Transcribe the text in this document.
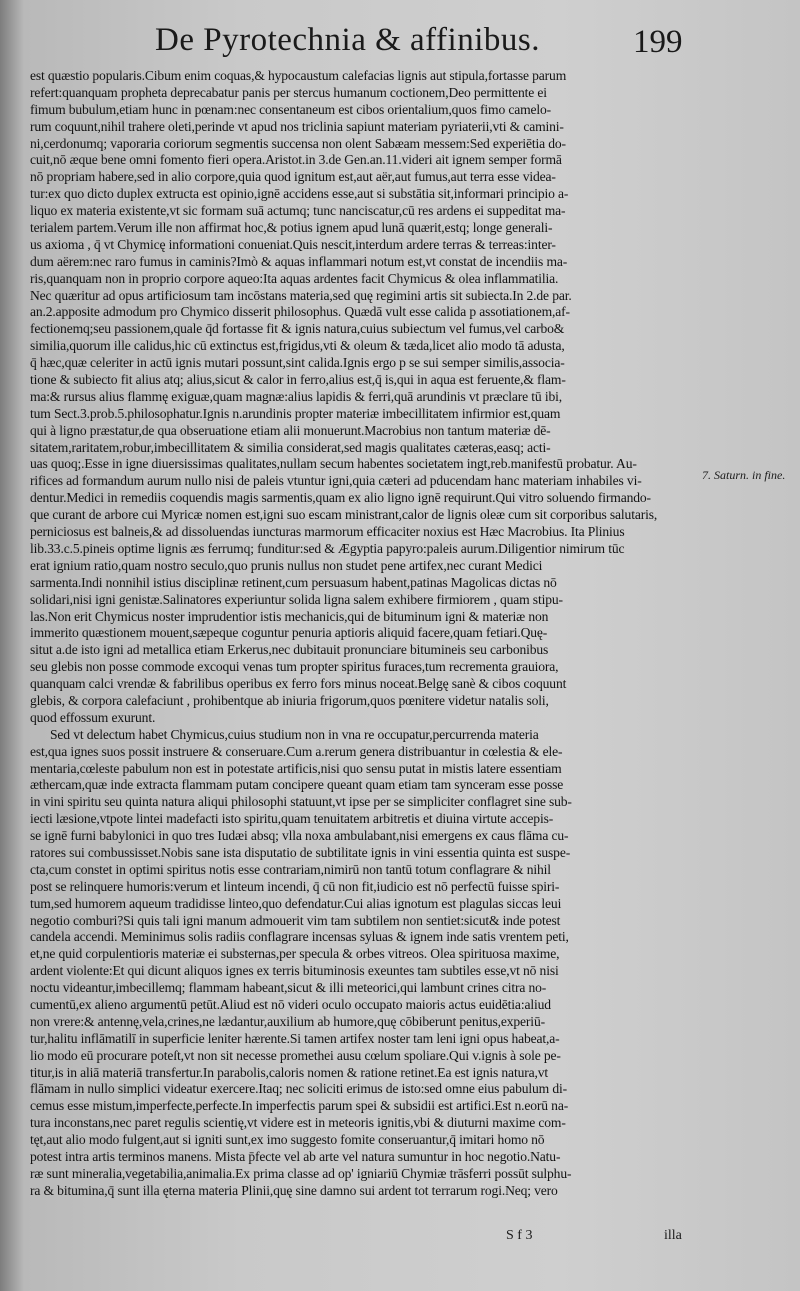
De Pyrotechnia & affinibus.	199
est quæstio popularis.Cibum enim coquas,& hypocaustum calefacias lignis aut stipula,fortasse parum
refert:quanquam propheta deprecabatur panis per stercus humanum coctionem,Deo permittente ei
fimum bubulum,etiam hunc in pœnam:nec consentaneum est cibos orientalium,quos fimo camelo-
rum coquunt,nihil trahere oleti,perinde vt apud nos triclinia sapiunt materiam pyriaterii,vti & camini-
ni,cerdonumq; vaporaria coriorum segmentis succensa non olent Sabæam messem:Sed experiētia do-
cuit,nō æque bene omni fomento fieri opera.Aristot.in 3.de Gen.an.11.videri ait ignem semper formā
nō propriam habere,sed in alio corpore,quia quod ignitum est,aut aër,aut fumus,aut terra esse videa-
tur:ex quo dicto duplex extructa est opinio,ignē accidens esse,aut si substātia sit,informari principio a-
liquo ex materia existente,vt sic formam suā actumq; tunc nanciscatur,cū res ardens ei suppeditat ma-
terialem partem.Verum ille non affirmat hoc,& potius ignem apud lunā quærit,estq; longe generali-
us axioma , q̄ vt Chymicę informationi conueniat.Quis nescit,interdum ardere terras & terreas:inter-
dum aërem:nec raro fumus in caminis?Imò & aquas inflammari notum est,vt constat de incendiis ma-
ris,quanquam non in proprio corpore aqueo:Ita aquas ardentes facit Chymicus & olea inflammatilia.
Nec quæritur ad opus artificiosum tam incōstans materia,sed quę regimini artis sit subiecta.In 2.de par.
an.2.apposite admodum pro Chymico disserit philosophus. Quædā vult esse calida p assotiationem,af-
fectionemq;seu passionem,quale q̄d fortasse fit & ignis natura,cuius subiectum vel fumus,vel carbo&
similia,quorum ille calidus,hic cū extinctus est,frigidus,vti & oleum & tæda,licet alio modo tā adusta,
q̄ hæc,quæ celeriter in actū ignis mutari possunt,sint calida.Ignis ergo p se sui semper similis,associa-
tione & subiecto fit alius atq; alius,sicut & calor in ferro,alius est,q̄ is,qui in aqua est feruente,& flam-
ma:& rursus alius flammę exiguæ,quam magnæ:alius lapidis & ferri,quā arundinis vt præclare tū ibi,
tum Sect.3.prob.5.philosophatur.Ignis n.arundinis propter materiæ imbecillitatem infirmior est,quam
qui à ligno præstatur,de qua obseruatione etiam alii monuerunt.Macrobius non tantum materiæ dē-
sitatem,raritatem,robur,imbecillitatem & similia considerat,sed magis qualitates cæteras,easq; acti-
uas quoq;.Esse in igne diuersissimas qualitates,nullam secum habentes societatem ingt,reb.manifestū probatur. Au-
rifices ad formandum aurum nullo nisi de paleis vtuntur igni,quia cæteri ad pducendam hanc materiam inhabiles vi-
dentur.Medici in remediis coquendis magis sarmentis,quam ex alio ligno ignē requirunt.Qui vitro soluendo firmando-
que curant de arbore cui Myricæ nomen est,igni suo escam ministrant,calor de lignis oleæ cum sit corporibus salutaris,
perniciosus est balneis,& ad dissoluendas iuncturas marmorum efficaciter noxius est Hæc Macrobius. Ita Plinius
lib.33.c.5.pineis optime lignis æs ferrumq; funditur:sed & Ægyptia papyro:paleis aurum.Diligentior nimirum tūc
erat ignium ratio,quam nostro seculo,quo prunis nullus non studet pene artifex,nec curant Medici
sarmenta.Indi nonnihil istius disciplinæ retinent,cum persuasum habent,patinas Magolicas dictas nō
solidari,nisi igni genistæ.Salinatores experiuntur solida ligna salem exhibere firmiorem , quam stipu-
las.Non erit Chymicus noster imprudentior istis mechanicis,qui de bituminum igni & materiæ non
immerito quæstionem mouent,sæpeque coguntur penuria aptioris aliquid facere,quam fetiari.Quę-
situt a.de isto igni ad metallica etiam Erkerus,nec dubitauit pronunciare bitumineis seu carbonibus
seu glebis non posse commode excoqui venas tum propter spiritus furaces,tum recrementa grauiora,
quanquam calci vrendæ & fabrilibus operibus ex ferro fors minus noceat.Belgę sanè & cibos coquunt
glebis, & corpora calefaciunt , prohibentque ab iniuria frigorum,quos pœnitere videtur natalis soli,
quod effossum exurunt.
Sed vt delectum habet Chymicus,cuius studium non in vna re occupatur,percurrenda materia
est,qua ignes suos possit instruere & conseruare.Cum a.rerum genera distribuantur in cœlestia & ele-
mentaria,cœleste pabulum non est in potestate artificis,nisi quo sensu putat in mistis latere essentiam
æthercam,quæ inde extracta flammam putam concipere queant quam etiam tam synceram esse posse
in vini spiritu seu quinta natura aliqui philosophi statuunt,vt ipse per se simpliciter conflagret sine sub-
iecti læsione,vtpote lintei madefacti isto spiritu,quam tenuitatem arbitretis et diuina virtute accepis-
se ignē furni babylonici in quo tres Iudæi absq; vlla noxa ambulabant,nisi emergens ex caus flāma cu-
ratores sui combussisset.Nobis sane ista disputatio de subtilitate ignis in vini essentia quinta est suspe-
cta,cum constet in optimi spiritus notis esse contrariam,nimirū non tantū totum conflagrare & nihil
post se relinquere humoris:verum et linteum incendi, q̄ cū non fit,iudicio est nō perfectū fuisse spiri-
tum,sed humorem aqueum tradidisse linteo,quo defendatur.Cui alias ignotum est plagulas siccas leui
negotio comburi?Si quis tali igni manum admouerit vim tam subtilem non sentiet:sicut& inde potest
candela accendi. Meminimus solis radiis conflagrare incensas syluas & ignem inde satis vrentem peti,
et,ne quid corpulentioris materiæ ei substernas,per specula & orbes vitreos. Olea spirituosa maxime,
ardent violente:Et qui dicunt aliquos ignes ex terris bituminosis exeuntes tam subtiles esse,vt nō nisi
noctu videantur,imbecillemq; flammam habeant,sicut & illi meteorici,qui lambunt crines citra no-
cumentū,ex alieno argumentū petūt.Aliud est nō videri oculo occupato maioris actus euidētia:aliud
non vrere:& antennę,vela,crines,ne lædantur,auxilium ab humore,quę cōbiberunt penitus,experiū-
tur,halitu inflāmatilī in superficie leniter hærente.Si tamen artifex noster tam leni igni opus habeat,a-
lio modo eū procurare poteſt,vt non sit necesse promethei ausu cœlum spoliare.Qui v.ignis à sole pe-
titur,is in aliā materiā transfertur.In parabolis,caloris nomen & ratione retinet.Ea est ignis natura,vt
flāmam in nullo simplici videatur exercere.Itaq; nec soliciti erimus de isto:sed omne eius pabulum di-
cemus esse mistum,imperfecte,perfecte.In imperfectis parum spei & subsidii est artifici.Est n.eorū na-
tura inconstans,nec paret regulis scientię,vt videre est in meteoris ignitis,vbi & diuturni maxime com-
tęt,aut alio modo fulgent,aut si igniti sunt,ex imo suggesto fomite conseruantur,q̄ imitari homo nō
potest intra artis terminos manens. Mista p̄fecte vel ab arte vel natura sumuntur in hoc negotio.Natu-
ræ sunt mineralia,vegetabilia,animalia.Ex prima classe ad op' igniariū Chymiæ trāsferri possūt sulphu-
ra & bitumina,q̄ sunt illa ęterna materia Plinii,quę sine damno sui ardent tot terrarum rogi.Neq; vero
7. Saturn. in fine.
S f 3	illa
